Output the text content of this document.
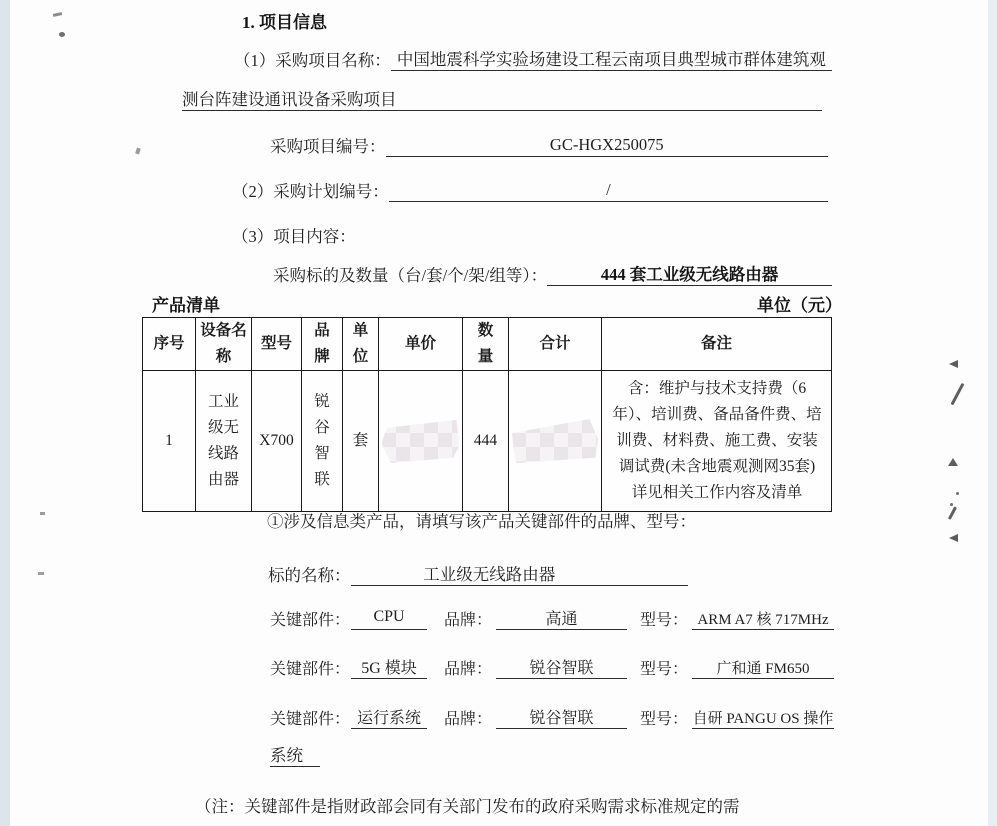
1. 项目信息
（1）采购项目名称： 中国地震科学实验场建设工程云南项目典型城市群体建筑观
测台阵建设通讯设备采购项目
采购项目编号：	GC-HGX250075
（2）采购计划编号：	/
（3）项目内容：
采购标的及数量（台/套/个/架/组等）：	444 套工业级无线路由器
产品清单	单位（元）
序号	设备名称	型号	品牌	单位	单价	数量	合计	备注
1	工业级无线路由器	X700	锐谷智联	套		444		含：维护与技术支持费（6年）、培训费、备品备件费、培训费、材料费、施工费、安装调试费(未含地震观测网35套)详见相关工作内容及清单
①涉及信息类产品，请填写该产品关键部件的品牌、型号：
标的名称：	工业级无线路由器
关键部件：	CPU	品牌：	高通	型号： ARM A7 核 717MHz
关键部件： 5G 模块	品牌：	锐谷智联	型号：	广和通 FM650
关键部件： 运行系统	品牌：	锐谷智联	型号： 自研 PANGU OS 操作
系统
（注：关键部件是指财政部会同有关部门发布的政府采购需求标准规定的需
